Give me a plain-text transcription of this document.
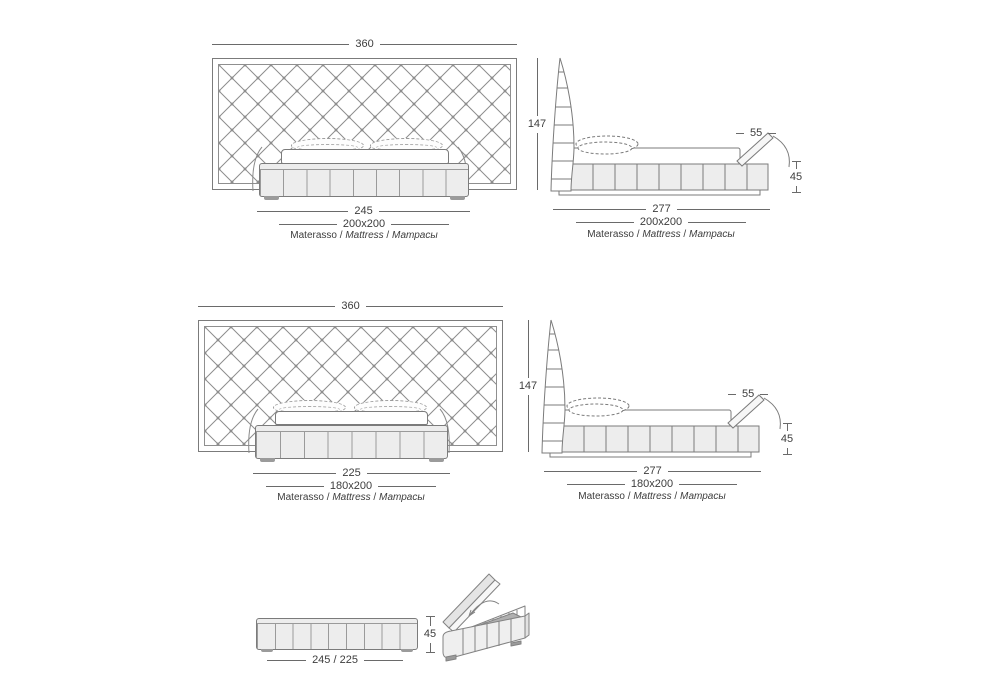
360
147
245
200x200
Materasso / Mattress / Матрасы
55
45
277
200x200
Materasso / Mattress / Матрасы
360
147
225
180x200
Materasso / Mattress / Матрасы
55
45
277
180x200
Materasso / Mattress / Матрасы
245 / 225
45
